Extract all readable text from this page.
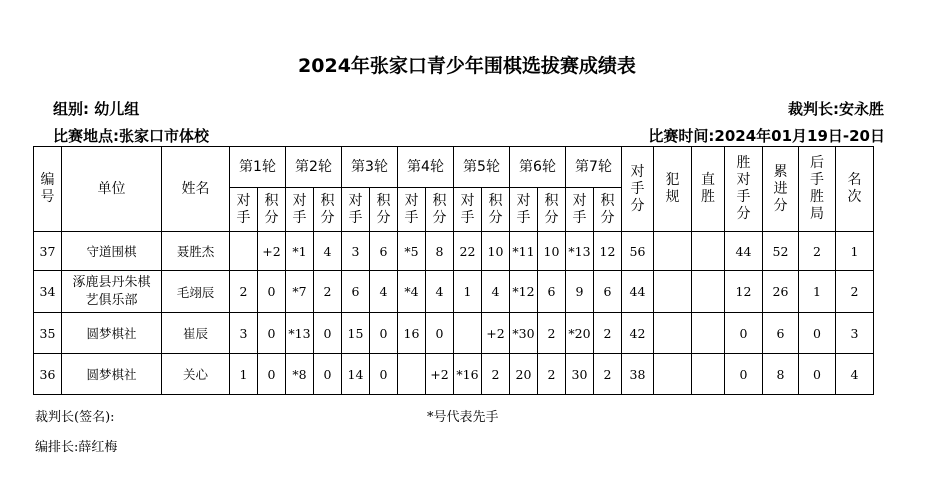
2024年张家口青少年围棋选拔赛成绩表
组别: 幼儿组	裁判长:安永胜
比赛地点:张家口市体校	比赛时间:2024年01月19日-20日
编号	单位	姓名	第1轮		第2轮		第3轮		第4轮		第5轮		第6轮		第7轮		对手分	犯规	直胜	胜对手分	累进分	后手胜局	名次
			对手	积分	对手	积分	对手	积分	对手	积分	对手	积分	对手	积分	对手	积分							
37	守道围棋	聂胜杰		+2	*1	4	3	6	*5	8	22	10	*11	10	*13	12	56			44	52	2	1
34	涿鹿县丹朱棋艺俱乐部	毛翊辰	2	0	*7	2	6	4	*4	4	1	4	*12	6	9	6	44			12	26	1	2
35	圆梦棋社	崔辰	3	0	*13	0	15	0	16	0		+2	*30	2	*20	2	42			0	6	0	3
36	圆梦棋社	关心	1	0	*8	0	14	0		+2	*16	2	20	2	30	2	38			0	8	0	4
裁判长(签名):	*号代表先手
编排长:薛红梅
